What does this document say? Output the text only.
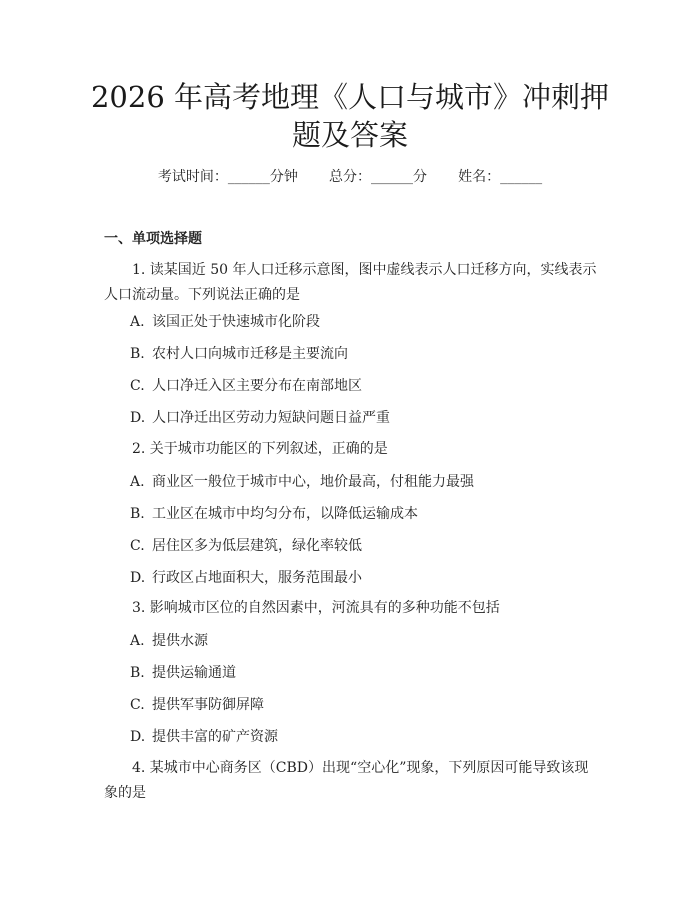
2026 年高考地理《人口与城市》冲刺押题及答案
考试时间：______分钟 总分：______分 姓名：______
一、单项选择题

1. 读某国近 50 年人口迁移示意图，图中虚线表示人口迁移方向，实线表示人口流动量。下列说法正确的是

A. 该国正处于快速城市化阶段
B. 农村人口向城市迁移是主要流向
C. 人口净迁入区主要分布在南部地区
D. 人口净迁出区劳动力短缺问题日益严重

2. 关于城市功能区的下列叙述，正确的是

A. 商业区一般位于城市中心，地价最高，付租能力最强
B. 工业区在城市中均匀分布，以降低运输成本
C. 居住区多为低层建筑，绿化率较低
D. 行政区占地面积大，服务范围最小

3. 影响城市区位的自然因素中，河流具有的多种功能不包括

A. 提供水源
B. 提供运输通道
C. 提供军事防御屏障
D. 提供丰富的矿产资源

4. 某城市中心商务区（CBD）出现“空心化”现象，下列原因可能导致该现象的是
